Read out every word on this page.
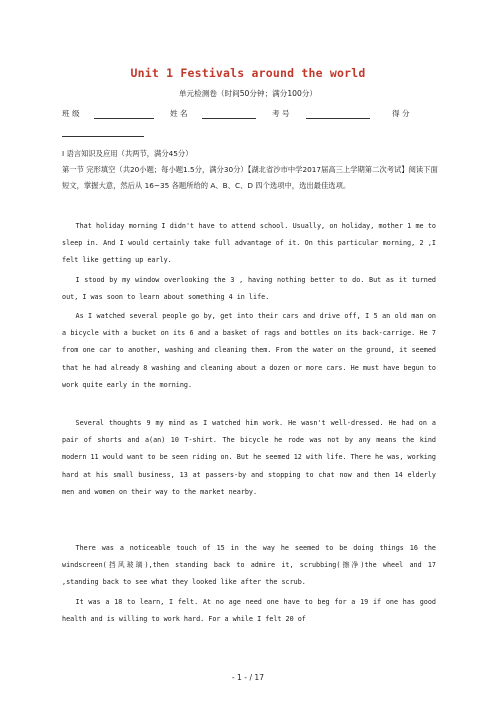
Unit 1 Festivals around the world
单元检测卷（时间50分钟；满分100分）
班 级	姓 名	考 号	得 分
I 语言知识及应用（共两节，满分45分）
第一节 完形填空（共20小题；每小题1.5分，满分30分）【湖北省沙市中学2017届高三上学期第二次考试】阅读下面短文，掌握大意，然后从 16~35 各题所给的 A、B、C、D 四个选项中，选出最佳选项。
That holiday morning I didn't have to attend school. Usually, on holiday, mother 1 me to sleep in. And I would certainly take full advantage of it. On this particular morning, 2 ,I felt like getting up early.
I stood by my window overlooking the 3 , having nothing better to do. But as it turned out, I was soon to learn about something 4 in life.
As I watched several people go by, get into their cars and drive off, I 5 an old man on a bicycle with a bucket on its 6 and a basket of rags and bottles on its back-carrige. He 7 from one car to another, washing and cleaning them. From the water on the ground, it seemed that he had already 8 washing and cleaning about a dozen or more cars. He must have begun to work quite early in the morning.
Several thoughts 9 my mind as I watched him work. He wasn't well-dressed. He had on a pair of shorts and a(an) 10 T-shirt. The bicycle he rode was not by any means the kind modern 11 would want to be seen riding on. But he seemed 12 with life. There he was, working hard at his small business, 13 at passers-by and stopping to chat now and then 14 elderly men and women on their way to the market nearby.
There was a noticeable touch of 15 in the way he seemed to be doing things 16 the windscreen(挡风玻璃),then standing back to admire it, scrubbing(擦净)the wheel and 17 ,standing back to see what they looked like after the scrub.
It was a 18 to learn, I felt. At no age need one have to beg for a 19 if one has good health and is willing to work hard. For a while I felt 20 of
- 1 - / 17
